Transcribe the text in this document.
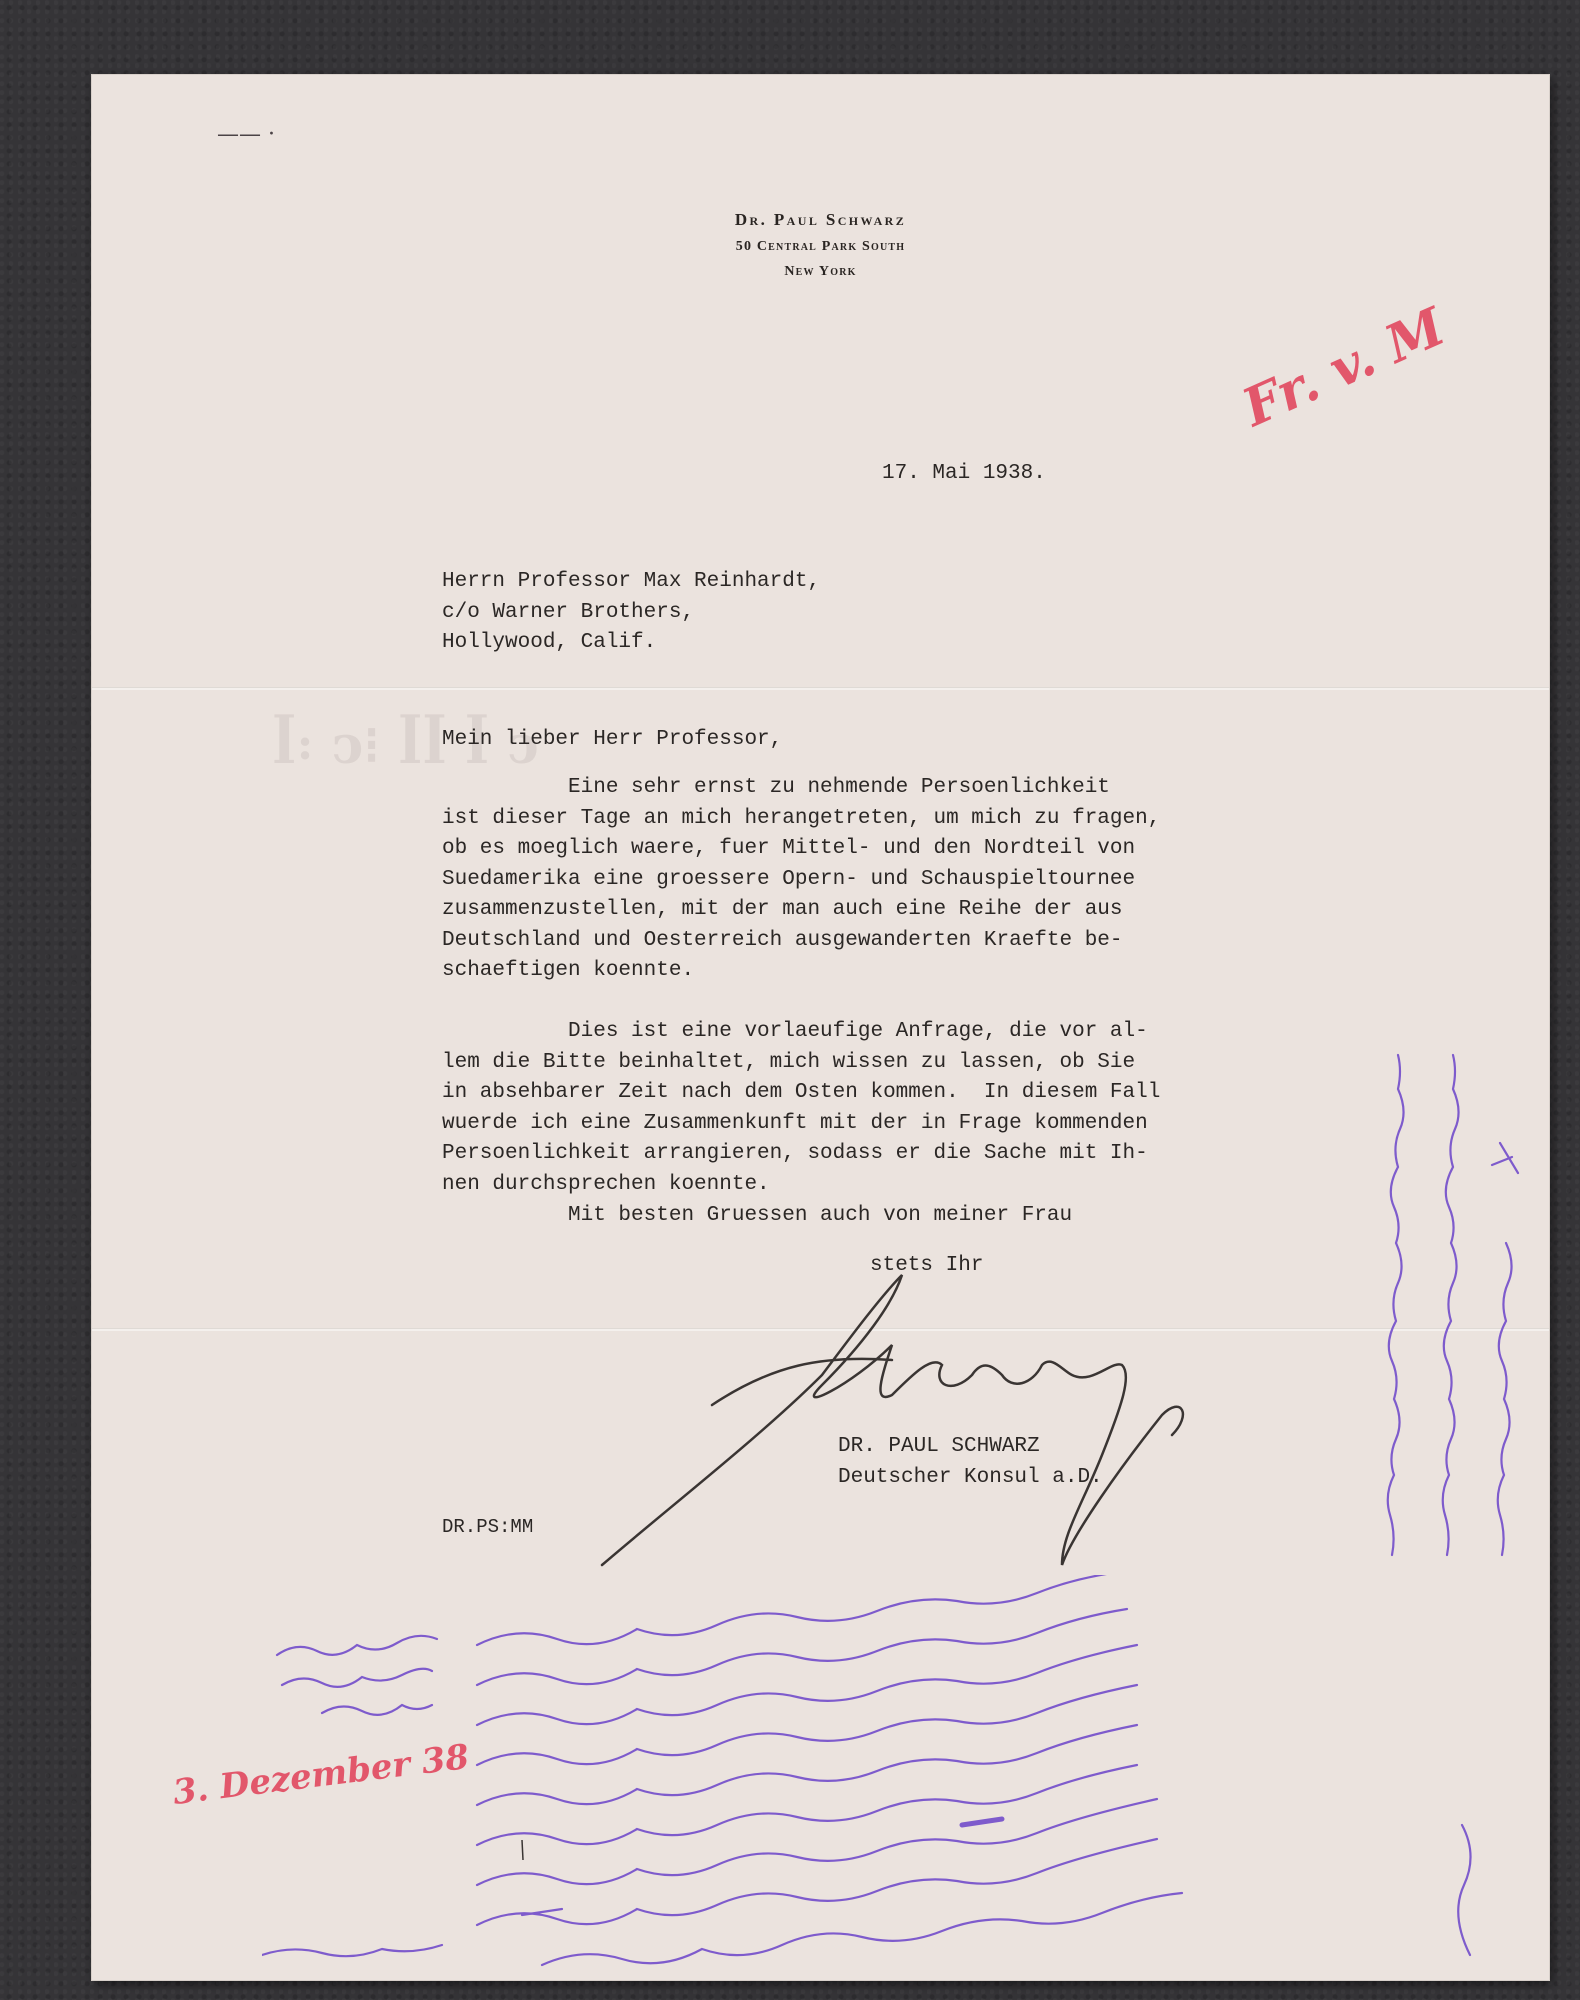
ꟾ꞉ ͻ⁝ ꟾꟾ ꟾ ͻ
—— ·
Dr. Paul Schwarz
50 Central Park South
New York
Fr. v. M
17. Mai 1938.
Herrn Professor Max Reinhardt,
c/o Warner Brothers,
Hollywood, Calif.
Mein lieber Herr Professor,
Eine sehr ernst zu nehmende Persoenlichkeit
ist dieser Tage an mich herangetreten, um mich zu fragen,
ob es moeglich waere, fuer Mittel- und den Nordteil von
Suedamerika eine groessere Opern- und Schauspieltournee
zusammenzustellen, mit der man auch eine Reihe der aus
Deutschland und Oesterreich ausgewanderten Kraefte be-
schaeftigen koennte.

Dies ist eine vorlaeufige Anfrage, die vor al-
lem die Bitte beinhaltet, mich wissen zu lassen, ob Sie
in absehbarer Zeit nach dem Osten kommen.  In diesem Fall
wuerde ich eine Zusammenkunft mit der in Frage kommenden
Persoenlichkeit arrangieren, sodass er die Sache mit Ih-
nen durchsprechen koennte.
Mit besten Gruessen auch von meiner Frau
stets Ihr
DR. PAUL SCHWARZ
Deutscher Konsul a.D.
DR.PS:MM
3. Dezember 38
